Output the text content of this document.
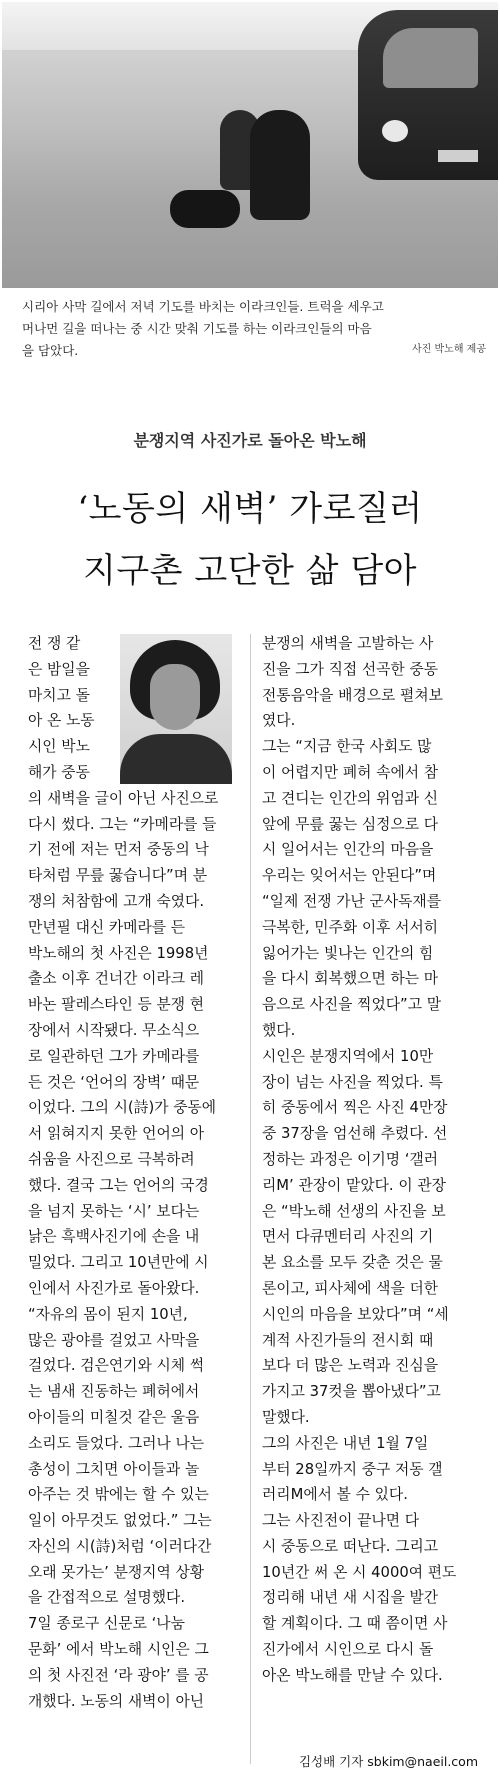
시리아 사막 길에서 저녁 기도를 바치는 이라크인들. 트럭을 세우고
머나먼 길을 떠나는 중 시간 맞춰 기도를 하는 이라크인들의 마음
을 담았다.	사진 박노해 제공
분쟁지역 사진가로 돌아온 박노해
‘노동의 새벽’ 가로질러
지구촌 고단한 삶 담아
전 쟁 같
은 밤일을
마치고 돌
아 온 노동
시인 박노
해가 중동
의 새벽을 글이 아닌 사진으로
다시 썼다. 그는 “카메라를 들
기 전에 저는 먼저 중동의 낙
타처럼 무릎 꿇습니다”며 분
쟁의 처참함에 고개 숙였다.
만년필 대신 카메라를 든
박노해의 첫 사진은 1998년
출소 이후 건너간 이라크 레
바논 팔레스타인 등 분쟁 현
장에서 시작됐다. 무소식으
로 일관하던 그가 카메라를
든 것은 ‘언어의 장벽’ 때문
이었다. 그의 시(詩)가 중동에
서 읽혀지지 못한 언어의 아
쉬움을 사진으로 극복하려
했다. 결국 그는 언어의 국경
을 넘지 못하는 ‘시’ 보다는
낡은 흑백사진기에 손을 내
밀었다. 그리고 10년만에 시
인에서 사진가로 돌아왔다.
“자유의 몸이 된지 10년,
많은 광야를 걸었고 사막을
걸었다. 검은연기와 시체 썩
는 냄새 진동하는 폐허에서
아이들의 미칠것 같은 울음
소리도 들었다. 그러나 나는
총성이 그치면 아이들과 놀
아주는 것 밖에는 할 수 있는
일이 아무것도 없었다.” 그는
자신의 시(詩)처럼 ‘이러다간
오래 못가는’ 분쟁지역 상황
을 간접적으로 설명했다.
7일 종로구 신문로 ‘나눔
문화’ 에서 박노해 시인은 그
의 첫 사진전 ‘라 광야’ 를 공
개했다. 노동의 새벽이 아닌
분쟁의 새벽을 고발하는 사
진을 그가 직접 선곡한 중동
전통음악을 배경으로 펼쳐보
였다.
그는 “지금 한국 사회도 많
이 어렵지만 폐허 속에서 참
고 견디는 인간의 위엄과 신
앞에 무릎 꿇는 심정으로 다
시 일어서는 인간의 마음을
우리는 잊어서는 안된다”며
“일제 전쟁 가난 군사독재를
극복한, 민주화 이후 서서히
잃어가는 빛나는 인간의 힘
을 다시 회복했으면 하는 마
음으로 사진을 찍었다”고 말
했다.
시인은 분쟁지역에서 10만
장이 넘는 사진을 찍었다. 특
히 중동에서 찍은 사진 4만장
중 37장을 엄선해 추렸다. 선
정하는 과정은 이기명 ‘갤러
리M’ 관장이 맡았다. 이 관장
은 “박노해 선생의 사진을 보
면서 다큐멘터리 사진의 기
본 요소를 모두 갖춘 것은 물
론이고, 피사체에 색을 더한
시인의 마음을 보았다”며 “세
계적 사진가들의 전시회 때
보다 더 많은 노력과 진심을
가지고 37컷을 뽑아냈다”고
말했다.
그의 사진은 내년 1월 7일
부터 28일까지 중구 저동 갤
러리M에서 볼 수 있다.
그는 사진전이 끝나면 다
시 중동으로 떠난다. 그리고
10년간 써 온 시 4000여 편도
정리해 내년 새 시집을 발간
할 계획이다. 그 때 쯤이면 사
진가에서 시인으로 다시 돌
아온 박노해를 만날 수 있다.
김성배 기자 sbkim@naeil.com
